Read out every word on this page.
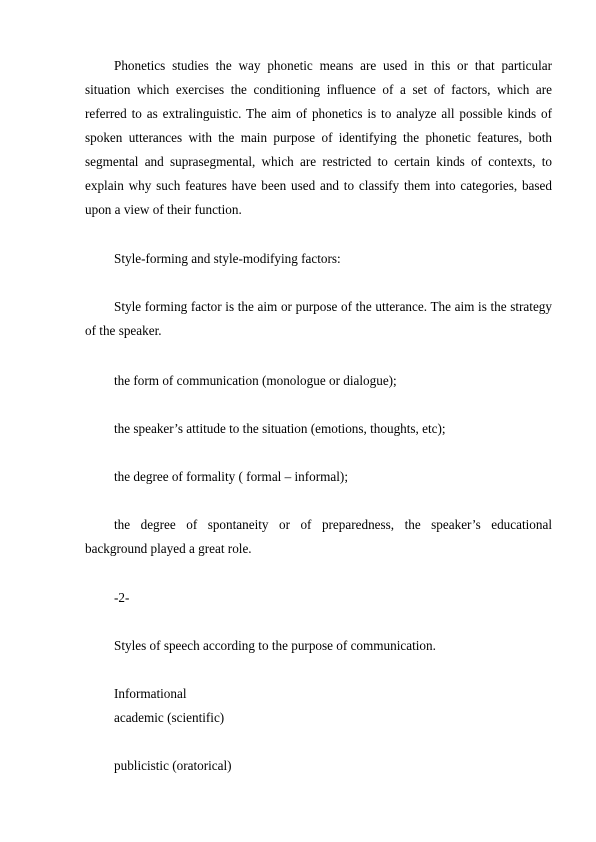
Phonetics studies the way phonetic means are used in this or that particular situation which exercises the conditioning influence of a set of factors, which are referred to as extralinguistic. The aim of phonetics is to analyze all possible kinds of spoken utterances with the main purpose of identifying the phonetic features, both segmental and suprasegmental, which are restricted to certain kinds of contexts, to explain why such features have been used and to classify them into categories, based upon a view of their function.

Style-forming and style-modifying factors:

Style forming factor is the aim or purpose of the utterance. The aim is the strategy of the speaker.

the form of communication (monologue or dialogue);

the speaker’s attitude to the situation (emotions, thoughts, etc);

the degree of formality ( formal – informal);

the degree of spontaneity or of preparedness, the speaker’s educational background played a great role.

-2-

Styles of speech according to the purpose of communication.

Informational

academic (scientific)

publicistic (oratorical)
